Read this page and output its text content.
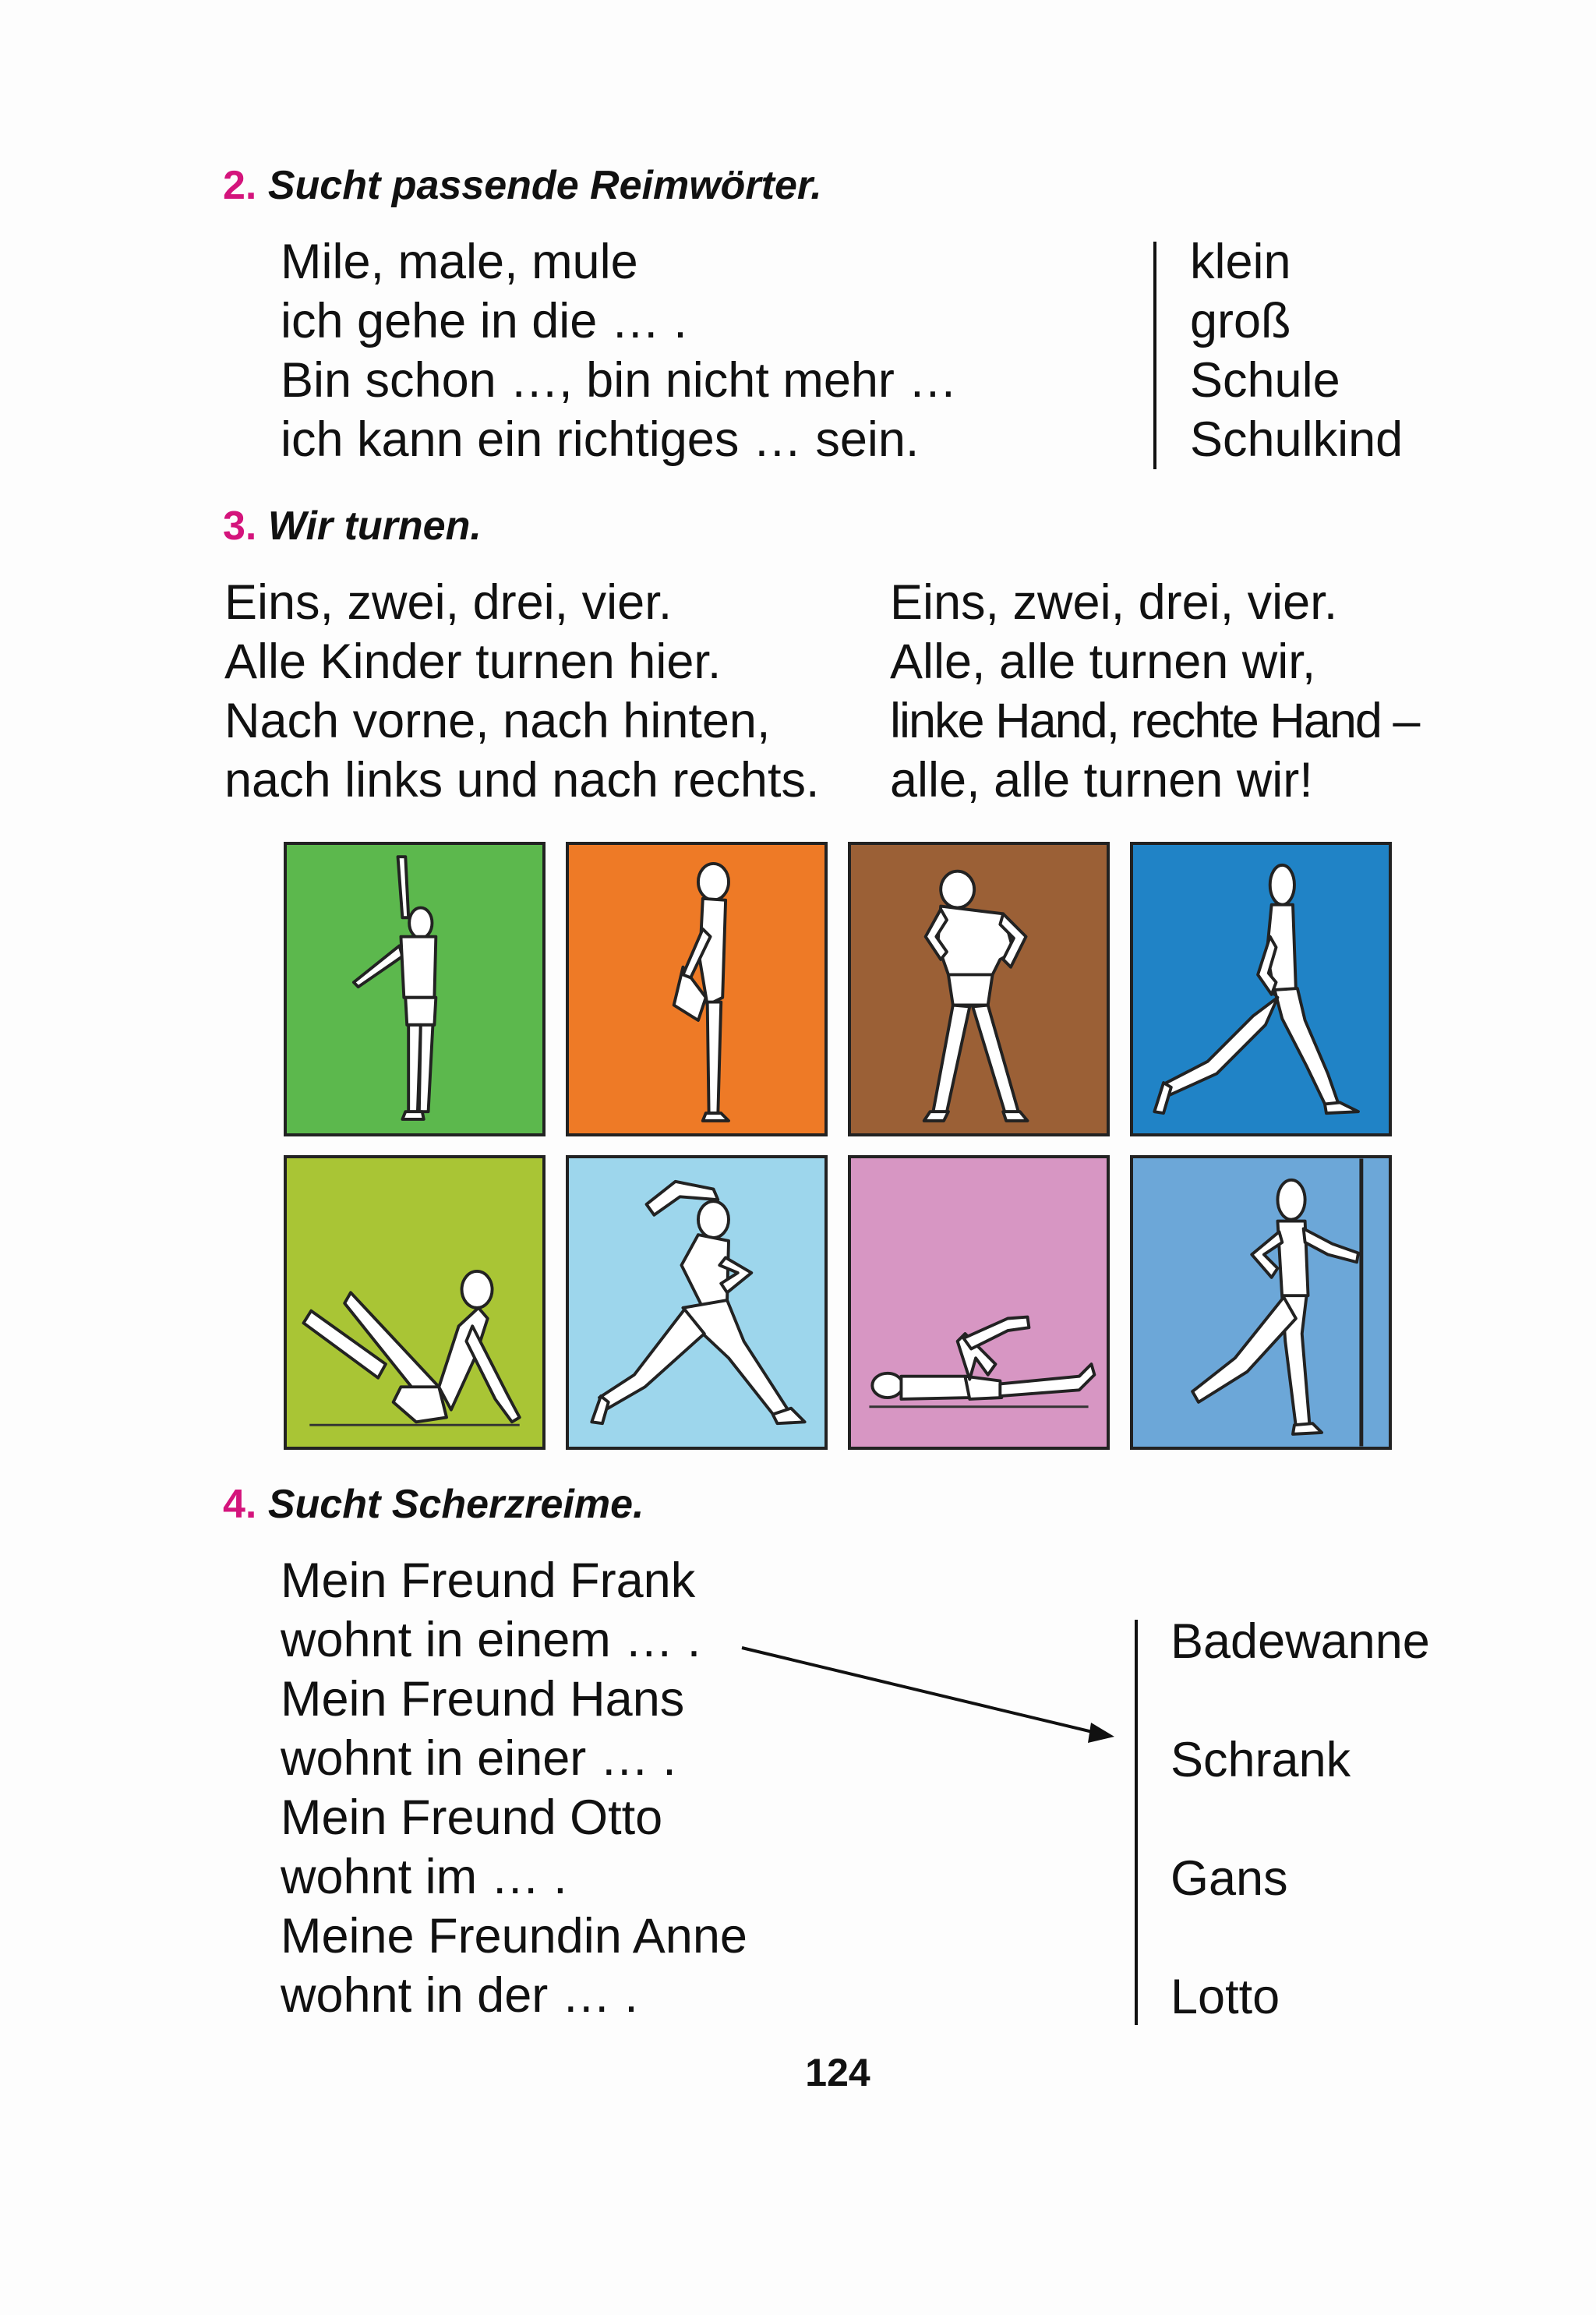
2. Sucht passende Reimwörter.
Mile, male, mule
ich gehe in die … .
Bin schon …, bin nicht mehr …
ich kann ein richtiges … sein.
klein
groß
Schule
Schulkind
3. Wir turnen.
Eins, zwei, drei, vier.
Alle Kinder turnen hier.
Nach vorne, nach hinten,
nach links und nach rechts.
Eins, zwei, drei, vier.
Alle, alle turnen wir,
linke Hand, rechte Hand –
alle, alle turnen wir!
4. Sucht Scherzreime.
Mein Freund Frank
wohnt in einem … .
Mein Freund Hans
wohnt in einer … .
Mein Freund Otto
wohnt im … .
Meine Freundin Anne
wohnt in der … .
Badewanne
Schrank
Gans
Lotto
124
